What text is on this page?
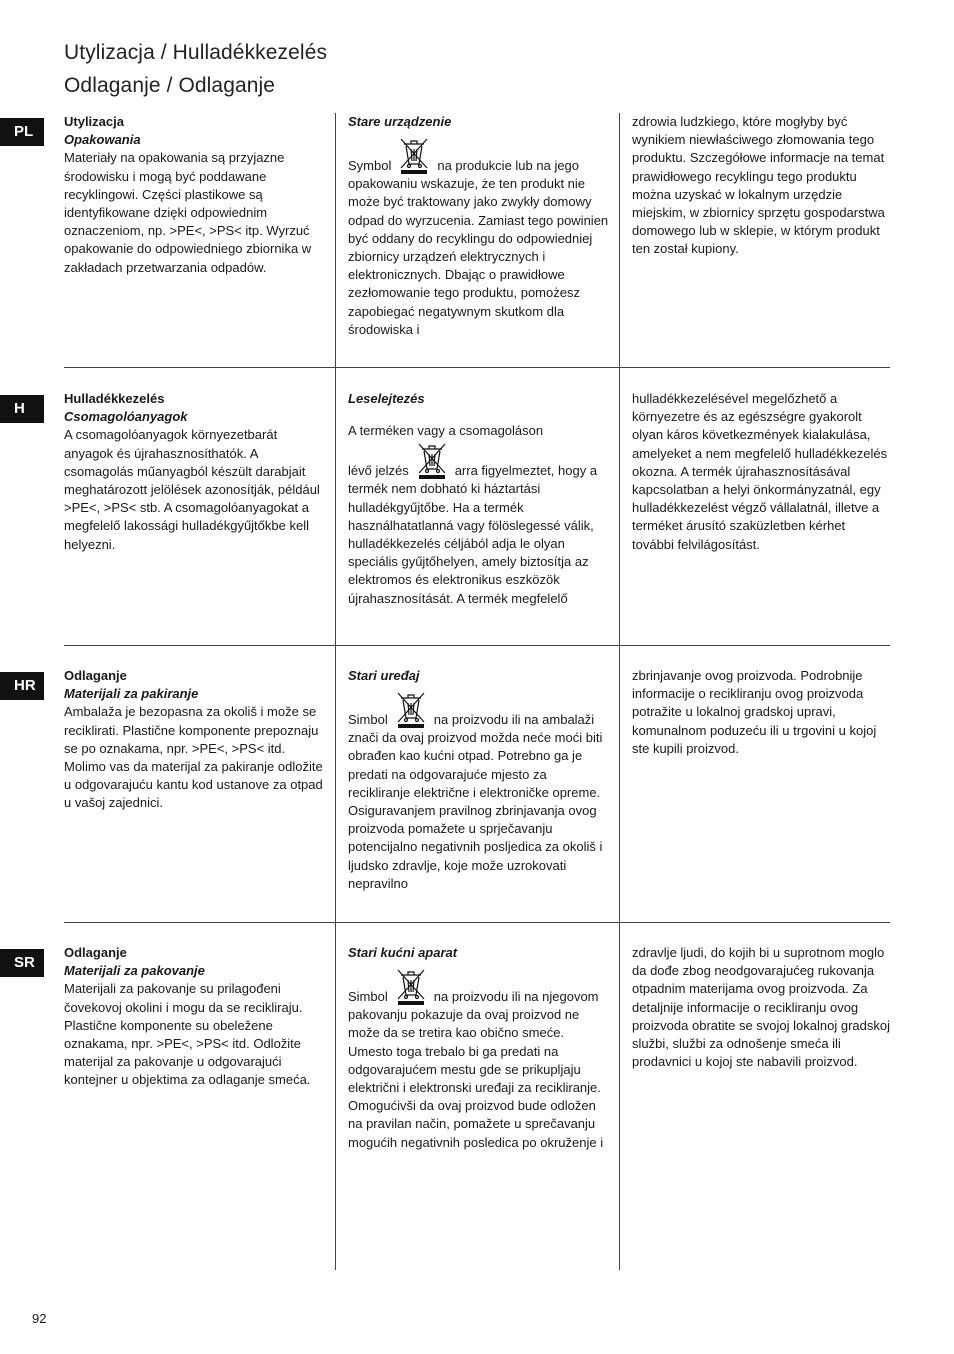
Utylizacja / Hulladékkezelés
Odlaganje / Odlaganje
PL

Utylizacja

Opakowania

Materiały na opakowania są przyjazne środowisku i mogą być poddawane recyklingowi. Części plastikowe są identyfikowane dzięki odpowiednim oznaczeniom, np. >PE<, >PS< itp. Wyrzuć opakowanie do odpowiedniego zbiornika w zakładach przetwarzania odpadów.

Stare urządzenie

Symbol	na produkcie lub na jego opakowaniu wskazuje, że ten produkt nie może być traktowany jako zwykły domowy odpad do wyrzucenia. Zamiast tego powinien być oddany do recyklingu do odpowiedniej zbiornicy urządzeń elektrycznych i elektronicznych. Dbając o prawidłowe zezłomowanie tego produktu, pomożesz zapobiegać negatywnym skutkom dla środowiska i

zdrowia ludzkiego, które mogłyby być wynikiem niewłaściwego złomowania tego produktu. Szczegółowe informacje na temat prawidłowego recyklingu tego produktu można uzyskać w lokalnym urzędzie miejskim, w zbiornicy sprzętu gospodarstwa domowego lub w sklepie, w którym produkt ten został kupiony.

H

Hulladékkezelés

Csomagolóanyagok

A csomagolóanyagok környezetbarát anyagok és újrahasznosíthatók. A csomagolás műanyagból készült darabjait meghatározott jelölések azonosítják, például >PE<, >PS< stb. A csomagolóanyagokat a megfelelő lakossági hulladékgyűjtőkbe kell helyezni.

Leselejtezés

A terméken vagy a csomagoláson

lévő jelzés	arra figyelmeztet, hogy a termék nem dobható ki háztartási hulladékgyűjtőbe. Ha a termék használhatatlanná vagy fölöslegessé válik, hulladékkezelés céljából adja le olyan speciális gyűjtőhelyen, amely biztosítja az elektromos és elektronikus eszközök újrahasznosítását. A termék megfelelő

hulladékkezelésével megelőzhető a környezetre és az egészségre gyakorolt olyan káros következmények kialakulása, amelyeket a nem megfelelő hulladékkezelés okozna. A termék újrahasznosításával kapcsolatban a helyi önkormányzatnál, egy hulladékkezelést végző vállalatnál, illetve a terméket árusító szaküzletben kérhet további felvilágosítást.

HR

Odlaganje

Materijali za pakiranje

Ambalaža je bezopasna za okoliš i može se reciklirati. Plastične komponente prepoznaju se po oznakama, npr. >PE<, >PS< itd. Molimo vas da materijal za pakiranje odložite u odgovarajuću kantu kod ustanove za otpad u vašoj zajednici.

Stari uređaj

Simbol	na proizvodu ili na ambalaži znači da ovaj proizvod možda neće moći biti obrađen kao kućni otpad. Potrebno ga je predati na odgovarajuće mjesto za recikliranje električne i elektroničke opreme. Osiguravanjem pravilnog zbrinjavanja ovog proizvoda pomažete u sprječavanju potencijalno negativnih posljedica za okoliš i ljudsko zdravlje, koje može uzrokovati nepravilno

zbrinjavanje ovog proizvoda. Podrobnije informacije o recikliranju ovog proizvoda potražite u lokalnoj gradskoj upravi, komunalnom poduzeću ili u trgovini u kojoj ste kupili proizvod.

SR

Odlaganje

Materijali za pakovanje

Materijali za pakovanje su prilagođeni čovekovoj okolini i mogu da se recikliraju. Plastične komponente su obeležene oznakama, npr. >PE<, >PS< itd. Odložite materijal za pakovanje u odgovarajući kontejner u objektima za odlaganje smeća.

Stari kućni aparat

Simbol	na proizvodu ili na njegovom pakovanju pokazuje da ovaj proizvod ne može da se tretira kao obično smeće. Umesto toga trebalo bi ga predati na odgovarajućem mestu gde se prikupljaju električni i elektronski uređaji za recikliranje. Omogućivši da ovaj proizvod bude odložen na pravilan način, pomažete u sprečavanju mogućih negativnih posledica po okruženje i

zdravlje ljudi, do kojih bi u suprotnom moglo da dođe zbog neodgovarajućeg rukovanja otpadnim materijama ovog proizvoda. Za detaljnije informacije o recikliranju ovog proizvoda obratite se svojoj lokalnoj gradskoj službi, službi za odnošenje smeća ili prodavnici u kojoj ste nabavili proizvod.

92
